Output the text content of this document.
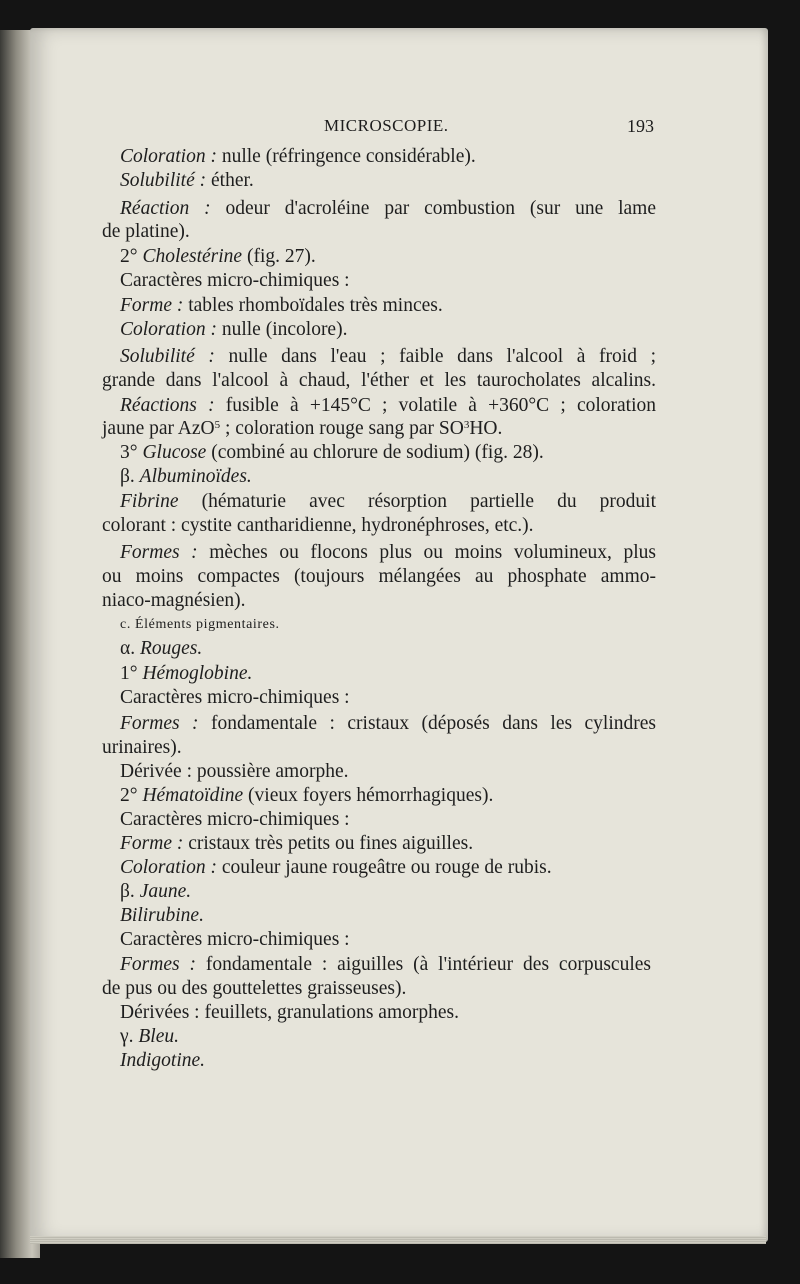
MICROSCOPIE.	193
Coloration : nulle (réfringence considérable).
Solubilité : éther.
Réaction : odeur d'acroléine par combustion (sur une lame
de platine).
2° Cholestérine (fig. 27).
Caractères micro-chimiques :
Forme : tables rhomboïdales très minces.
Coloration : nulle (incolore).
Solubilité : nulle dans l'eau ; faible dans l'alcool à froid ;
grande dans l'alcool à chaud, l'éther et les taurocholates alcalins.
Réactions : fusible à +145°C ; volatile à +360°C ; coloration
jaune par AzO$^5$ ; coloration rouge sang par $SO^3HO$.
3° Glucose (combiné au chlorure de sodium) (fig. 28).
β. Albuminoïdes.
Fibrine (hématurie avec résorption partielle du produit
colorant : cystite cantharidienne, hydronéphroses, etc.).
Formes : mèches ou flocons plus ou moins volumineux, plus
ou moins compactes (toujours mélangées au phosphate ammo-
niaco-magnésien).
c. Éléments pigmentaires.
α. Rouges.
1° Hémoglobine.
Caractères micro-chimiques :
Formes : fondamentale : cristaux (déposés dans les cylindres
urinaires).
Dérivée : poussière amorphe.
2° Hématoïdine (vieux foyers hémorrhagiques).
Caractères micro-chimiques :
Forme : cristaux très petits ou fines aiguilles.
Coloration : couleur jaune rougeâtre ou rouge de rubis.
β. Jaune.
Bilirubine.
Caractères micro-chimiques :
Formes : fondamentale : aiguilles (à l'intérieur des corpuscules
de pus ou des gouttelettes graisseuses).
Dérivées : feuillets, granulations amorphes.
γ. Bleu.
Indigotine.
